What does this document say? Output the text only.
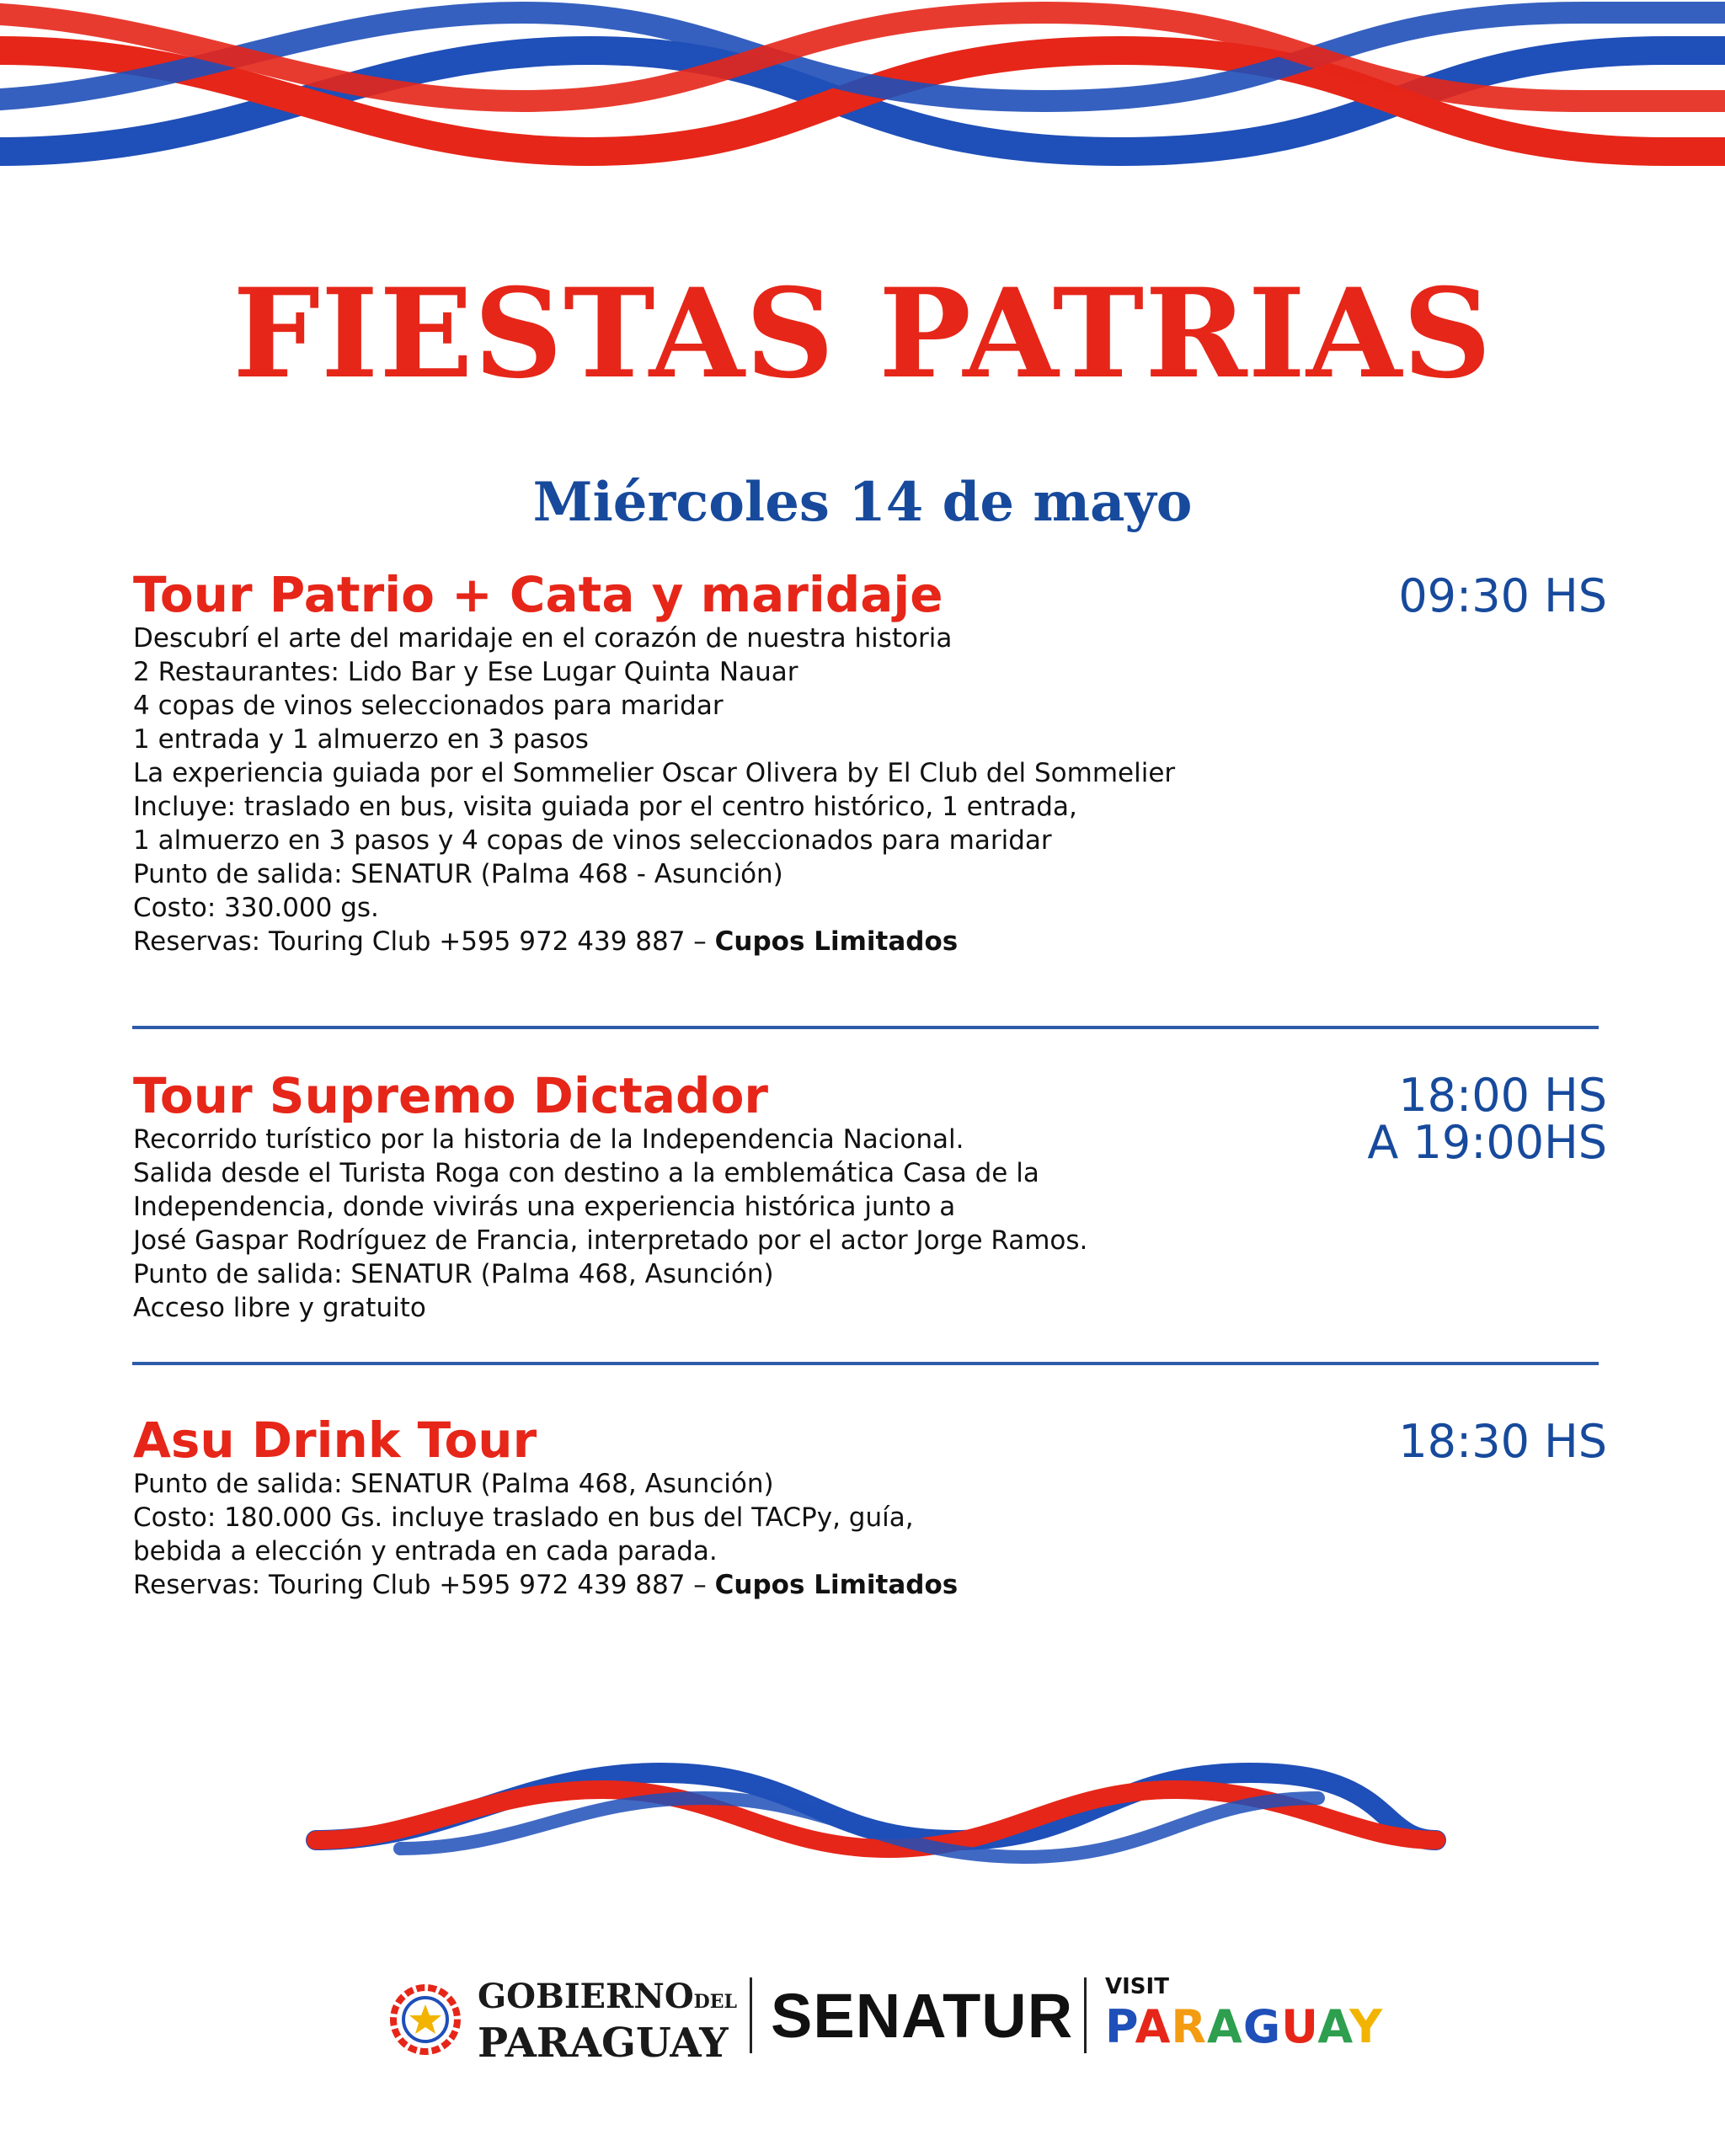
FIESTAS PATRIAS
Miércoles 14 de mayo
Tour Patrio + Cata y maridaje	09:30 HS
Descubrí el arte del maridaje en el corazón de nuestra historia
2 Restaurantes: Lido Bar y Ese Lugar Quinta Nauar
4 copas de vinos seleccionados para maridar
1 entrada y 1 almuerzo en 3 pasos
La experiencia guiada por el Sommelier Oscar Olivera by El Club del Sommelier
Incluye: traslado en bus, visita guiada por el centro histórico, 1 entrada,
1 almuerzo en 3 pasos y 4 copas de vinos seleccionados para maridar
Punto de salida: SENATUR (Palma 468 - Asunción)
Costo: 330.000 gs.
Reservas: Touring Club +595 972 439 887 – Cupos Limitados
Tour Supremo Dictador	18:00 HS
A 19:00HS
Recorrido turístico por la historia de la Independencia Nacional.
Salida desde el Turista Roga con destino a la emblemática Casa de la
Independencia, donde vivirás una experiencia histórica junto a
José Gaspar Rodríguez de Francia, interpretado por el actor Jorge Ramos.
Punto de salida: SENATUR (Palma 468, Asunción)
Acceso libre y gratuito
Asu Drink Tour	18:30 HS
Punto de salida: SENATUR (Palma 468, Asunción)
Costo: 180.000 Gs. incluye traslado en bus del TACPy, guía,
bebida a elección y entrada en cada parada.
Reservas: Touring Club +595 972 439 887 – Cupos Limitados
GOBIERNODEL
PARAGUAY SENATUR VISIT
PARAGUAY
